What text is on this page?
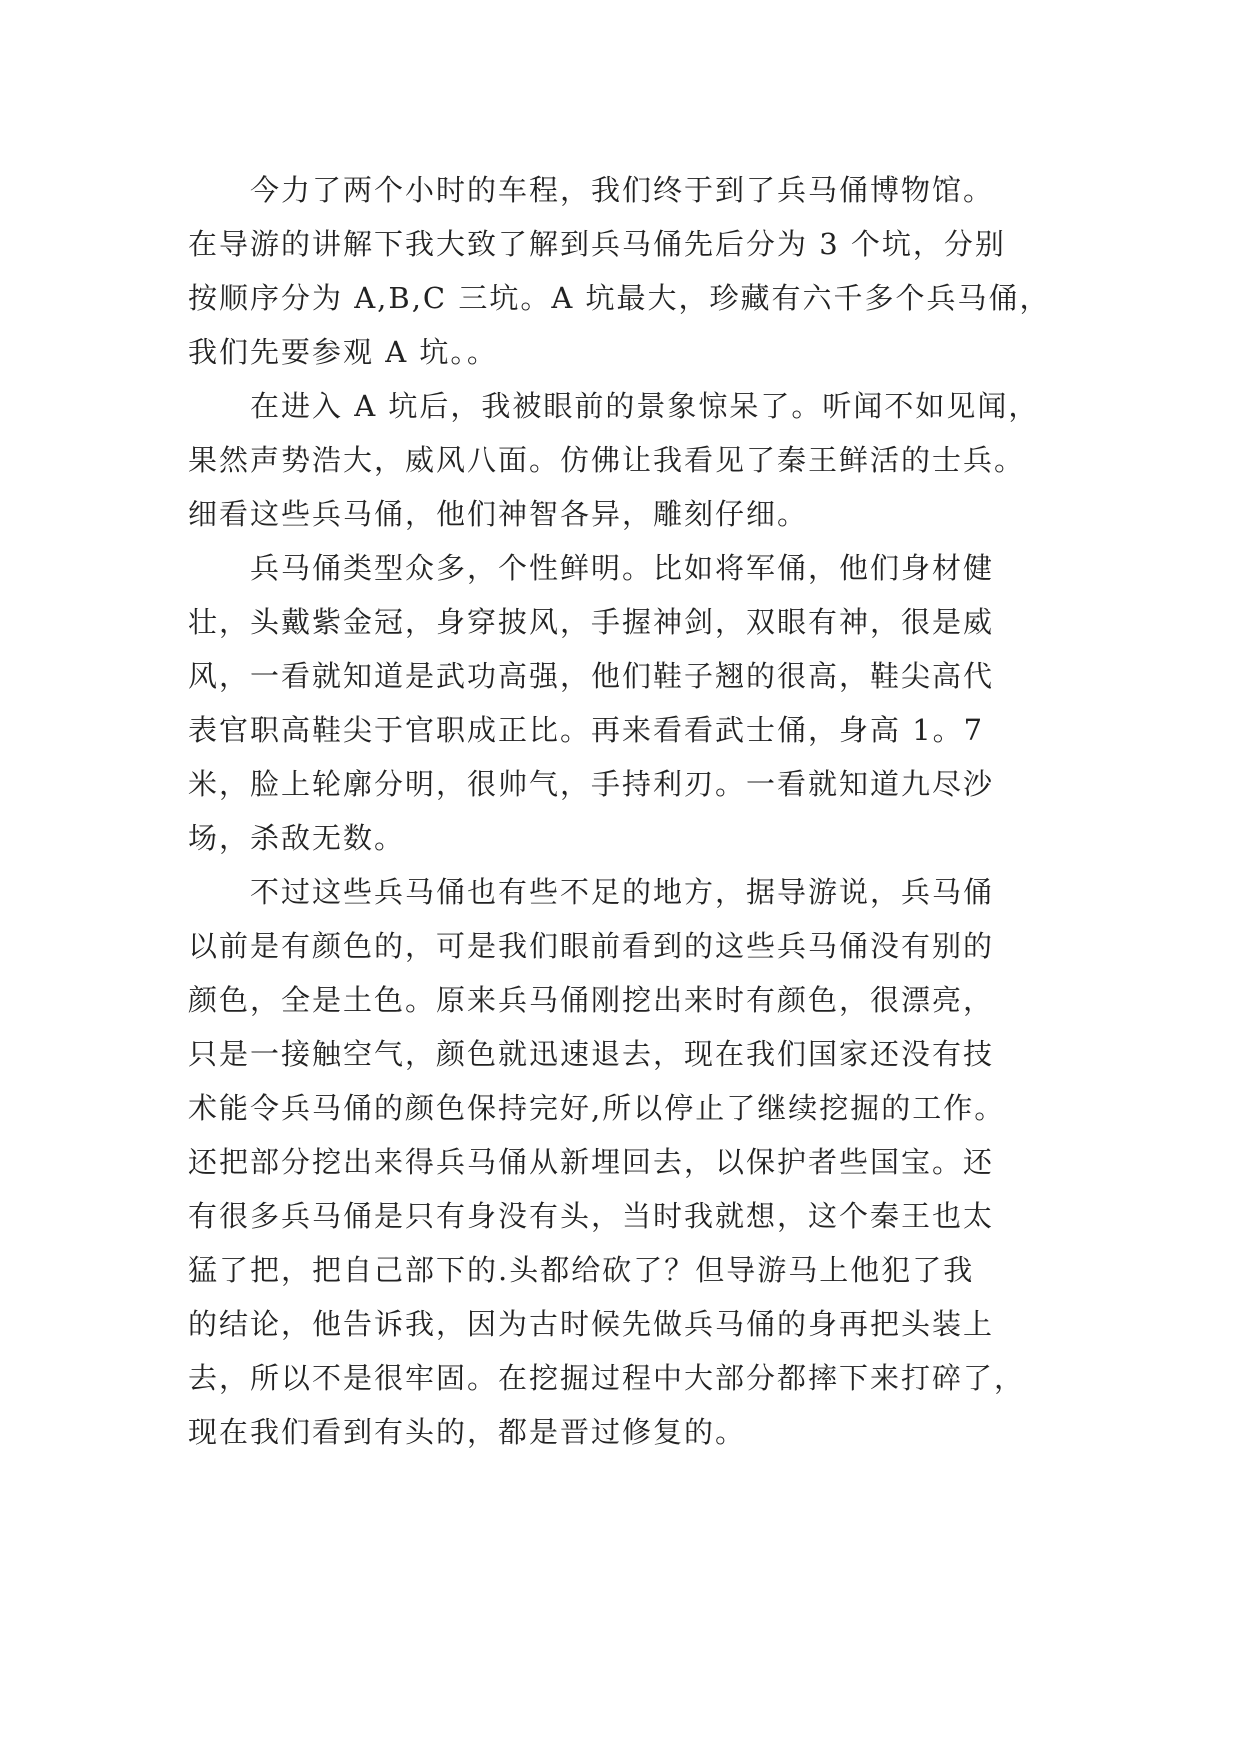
今力了两个小时的车程，我们终于到了兵马俑博物馆。
在导游的讲解下我大致了解到兵马俑先后分为 3 个坑，分别
按顺序分为 A,B,C 三坑。A 坑最大，珍藏有六千多个兵马俑，
我们先要参观 A 坑。。

在进入 A 坑后，我被眼前的景象惊呆了。听闻不如见闻，
果然声势浩大，威风八面。仿佛让我看见了秦王鲜活的士兵。
细看这些兵马俑，他们神智各异，雕刻仔细。

兵马俑类型众多，个性鲜明。比如将军俑，他们身材健
壮，头戴紫金冠，身穿披风，手握神剑，双眼有神，很是威
风，一看就知道是武功高强，他们鞋子翘的很高，鞋尖高代
表官职高鞋尖于官职成正比。再来看看武士俑，身高 1。7
米，脸上轮廓分明，很帅气，手持利刃。一看就知道九尽沙
场，杀敌无数。

不过这些兵马俑也有些不足的地方，据导游说，兵马俑
以前是有颜色的，可是我们眼前看到的这些兵马俑没有别的
颜色，全是土色。原来兵马俑刚挖出来时有颜色，很漂亮，
只是一接触空气，颜色就迅速退去，现在我们国家还没有技
术能令兵马俑的颜色保持完好,所以停止了继续挖掘的工作。
还把部分挖出来得兵马俑从新埋回去，以保护者些国宝。还
有很多兵马俑是只有身没有头，当时我就想，这个秦王也太
猛了把，把自己部下的.头都给砍了？但导游马上他犯了我
的结论，他告诉我，因为古时候先做兵马俑的身再把头装上
去，所以不是很牢固。在挖掘过程中大部分都摔下来打碎了，
现在我们看到有头的，都是晋过修复的。
